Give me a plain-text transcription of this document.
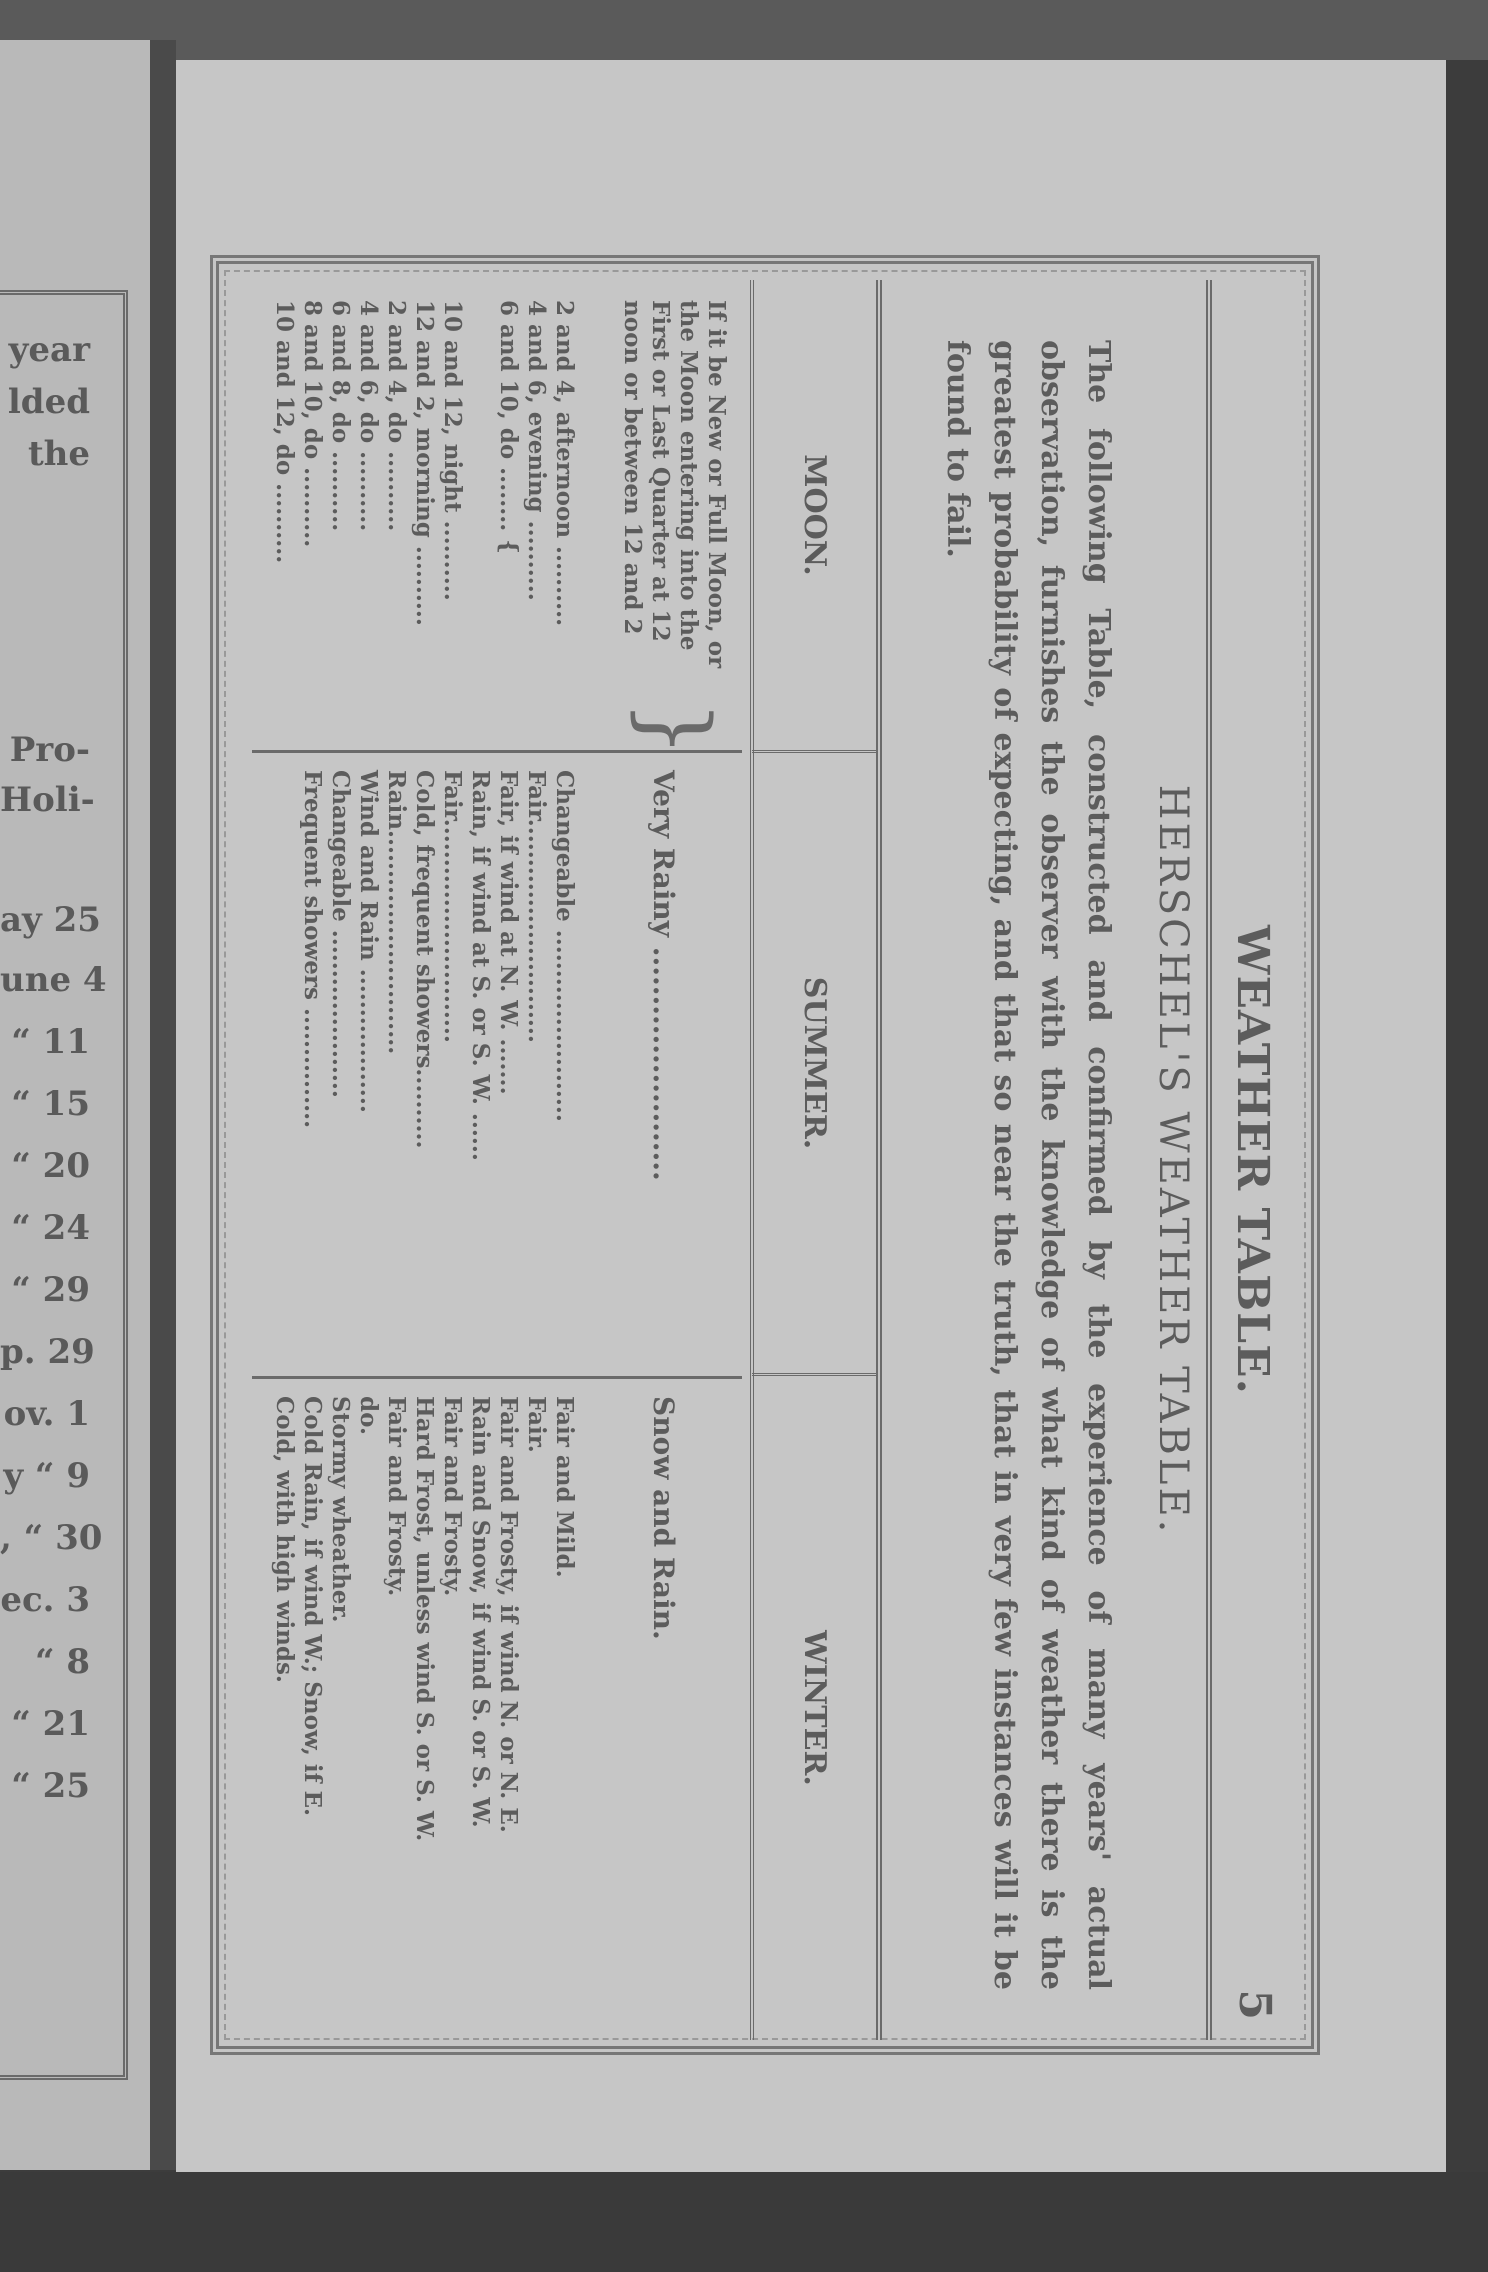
year
lded
the
Pro-
Holi-
ay 25
une 4
“ 11
“ 15
“ 20
“ 24
“ 29
p. 29
ov. 1
y “ 9
, “ 30
ec. 3
“ 8
“ 21
“ 25
WEATHER TABLE.
5
HERSCHEL'S WEATHER TABLE.
The following Table, constructed and confirmed by the experience of many years' actual observation, furnishes the observer with the knowledge of what kind of weather there is the greatest probability of expecting, and that so near the truth, that in very few instances will it be found to fail.
MOON.
SUMMER.
WINTER.
If it be New or Full Moon, or the Moon entering into the First or Last Quarter at 12 noon or between 12 and 2
}
Very Rainy ........................
Snow and Rain.
2 and 4, afternoon ..........
Changeable ........................
Fair and Mild.
4 and 6, evening ..........
Fair............................
Fair.
6 and 10, do ........ {
Fair, if wind at N. W. .......
Fair and Frosty, if wind N. or N. E.
Rain, if wind at S. or S. W. ......
Rain and Snow, if wind S. or S. W.
10 and 12, night ..........
Fair............................
Fair and Frosty.
12 and 2, morning ..........
Cold, frequent showers..........
Hard Frost, unless wind S. or S. W.
2 and 4, do ..........
Rain............................
Fair and Frosty.
4 and 6, do ..........
Wind and Rain ..................
do.
6 and 8, do ..........
Changeable .....................
Stormy wheather.
8 and 10, do ..........
Frequent showers ...............
Cold Rain, if wind W.; Snow, if E.
10 and 12, do ..........
Cold, with high winds.
